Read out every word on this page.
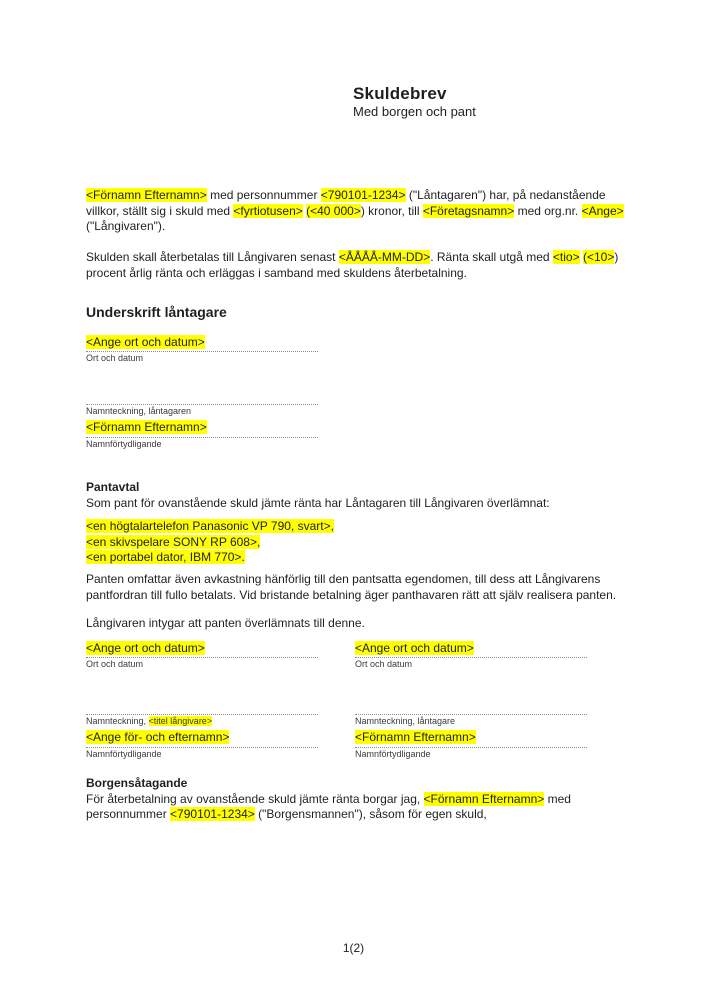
Skuldebrev
Med borgen och pant
<Förnamn Efternamn> med personnummer <790101-1234> ("Låntagaren") har, på nedanstående villkor, ställt sig i skuld med <fyrtiotusen> (<40 000>) kronor, till <Företagsnamn> med org.nr. <Ange> ("Långivaren").
Skulden skall återbetalas till Långivaren senast <ÅÅÅÅ-MM-DD>. Ränta skall utgå med <tio> (<10>) procent årlig ränta och erläggas i samband med skuldens återbetalning.
Underskrift låntagare
<Ange ort och datum>
Ort och datum
Namnteckning, låntagaren
<Förnamn Efternamn>
Namnförtydligande
Pantavtal
Som pant för ovanstående skuld jämte ränta har Låntagaren till Långivaren överlämnat:
<en högtalartelefon Panasonic VP 790, svart>,
<en skivspelare SONY RP 608>,
<en portabel dator, IBM 770>.
Panten omfattar även avkastning hänförlig till den pantsatta egendomen, till dess att Långivarens pantfordran till fullo betalats. Vid bristande betalning äger panthavaren rätt att själv realisera panten.
Långivaren intygar att panten överlämnats till denne.
<Ange ort och datum>
Ort och datum
<Ange ort och datum>
Ort och datum
Namnteckning, <titel långivare>
<Ange för- och efternamn>
Namnförtydligande
Namnteckning, låntagare
<Förnamn Efternamn>
Namnförtydligande
Borgensåtagande
För återbetalning av ovanstående skuld jämte ränta borgar jag, <Förnamn Efternamn> med personnummer <790101-1234> ("Borgensmannen"), såsom för egen skuld,
1(2)
